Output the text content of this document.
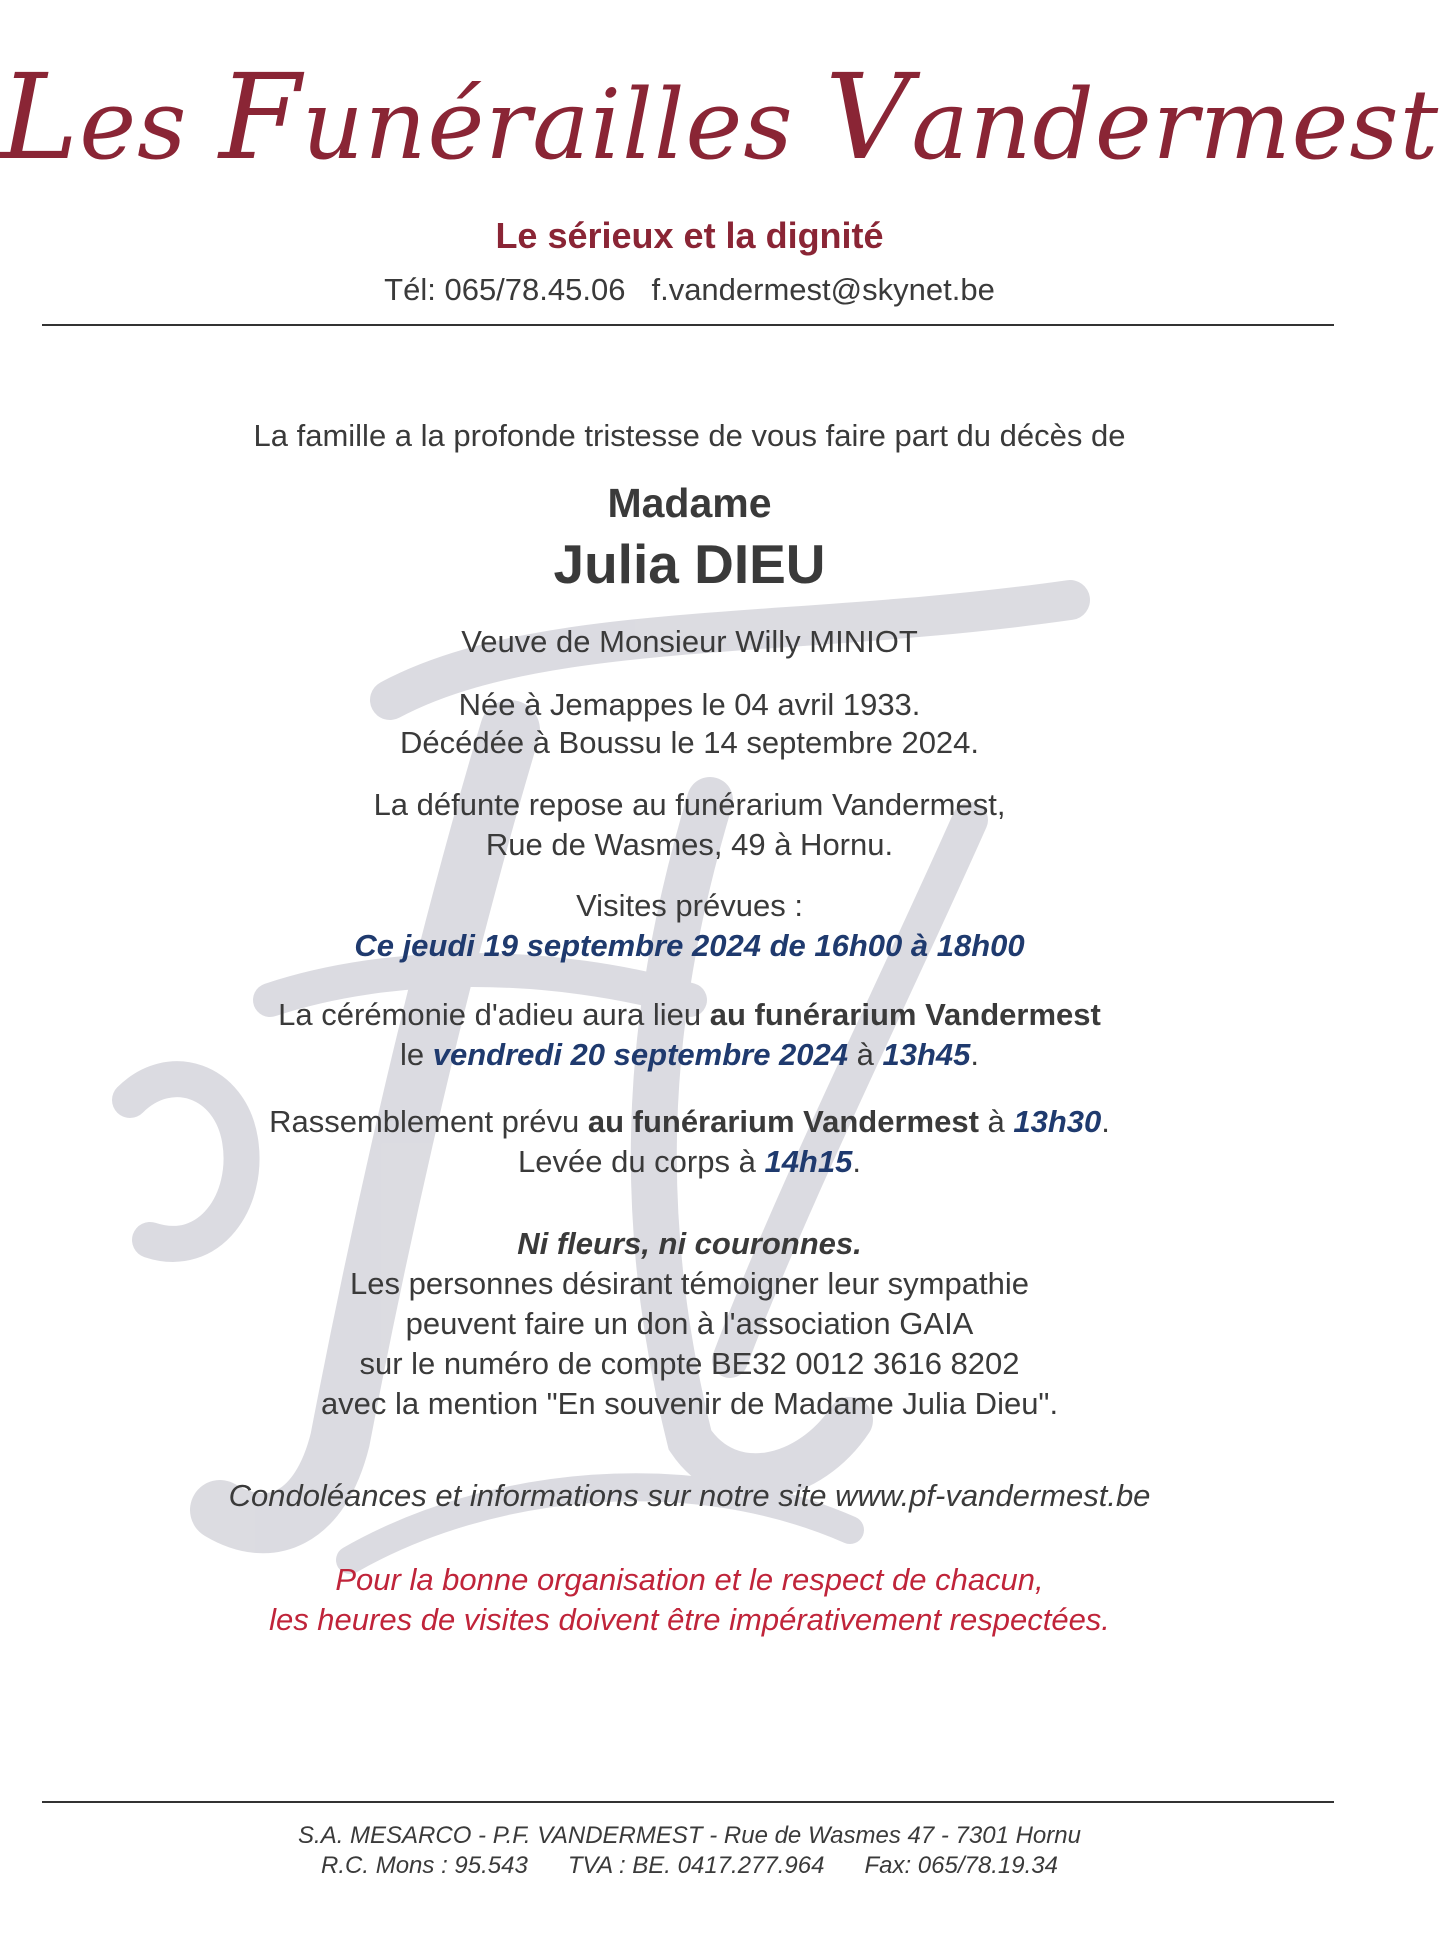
Les Funérailles Vandermest
Le sérieux et la dignité
Tél: 065/78.45.06 f.vandermest@skynet.be
La famille a la profonde tristesse de vous faire part du décès de
Madame
Julia DIEU
Veuve de Monsieur Willy MINIOT
Née à Jemappes le 04 avril 1933.
Décédée à Boussu le 14 septembre 2024.
La défunte repose au funérarium Vandermest,
Rue de Wasmes, 49 à Hornu.
Visites prévues :
Ce jeudi 19 septembre 2024 de 16h00 à 18h00
La cérémonie d'adieu aura lieu au funérarium Vandermest
le vendredi 20 septembre 2024 à 13h45.
Rassemblement prévu au funérarium Vandermest à 13h30.
Levée du corps à 14h15.
Ni fleurs, ni couronnes.
Les personnes désirant témoigner leur sympathie
peuvent faire un don à l'association GAIA
sur le numéro de compte BE32 0012 3616 8202
avec la mention "En souvenir de Madame Julia Dieu".
Condoléances et informations sur notre site www.pf-vandermest.be
Pour la bonne organisation et le respect de chacun,
les heures de visites doivent être impérativement respectées.
S.A. MESARCO - P.F. VANDERMEST - Rue de Wasmes 47 - 7301 Hornu
R.C. Mons : 95.543 TVA : BE. 0417.277.964 Fax: 065/78.19.34
